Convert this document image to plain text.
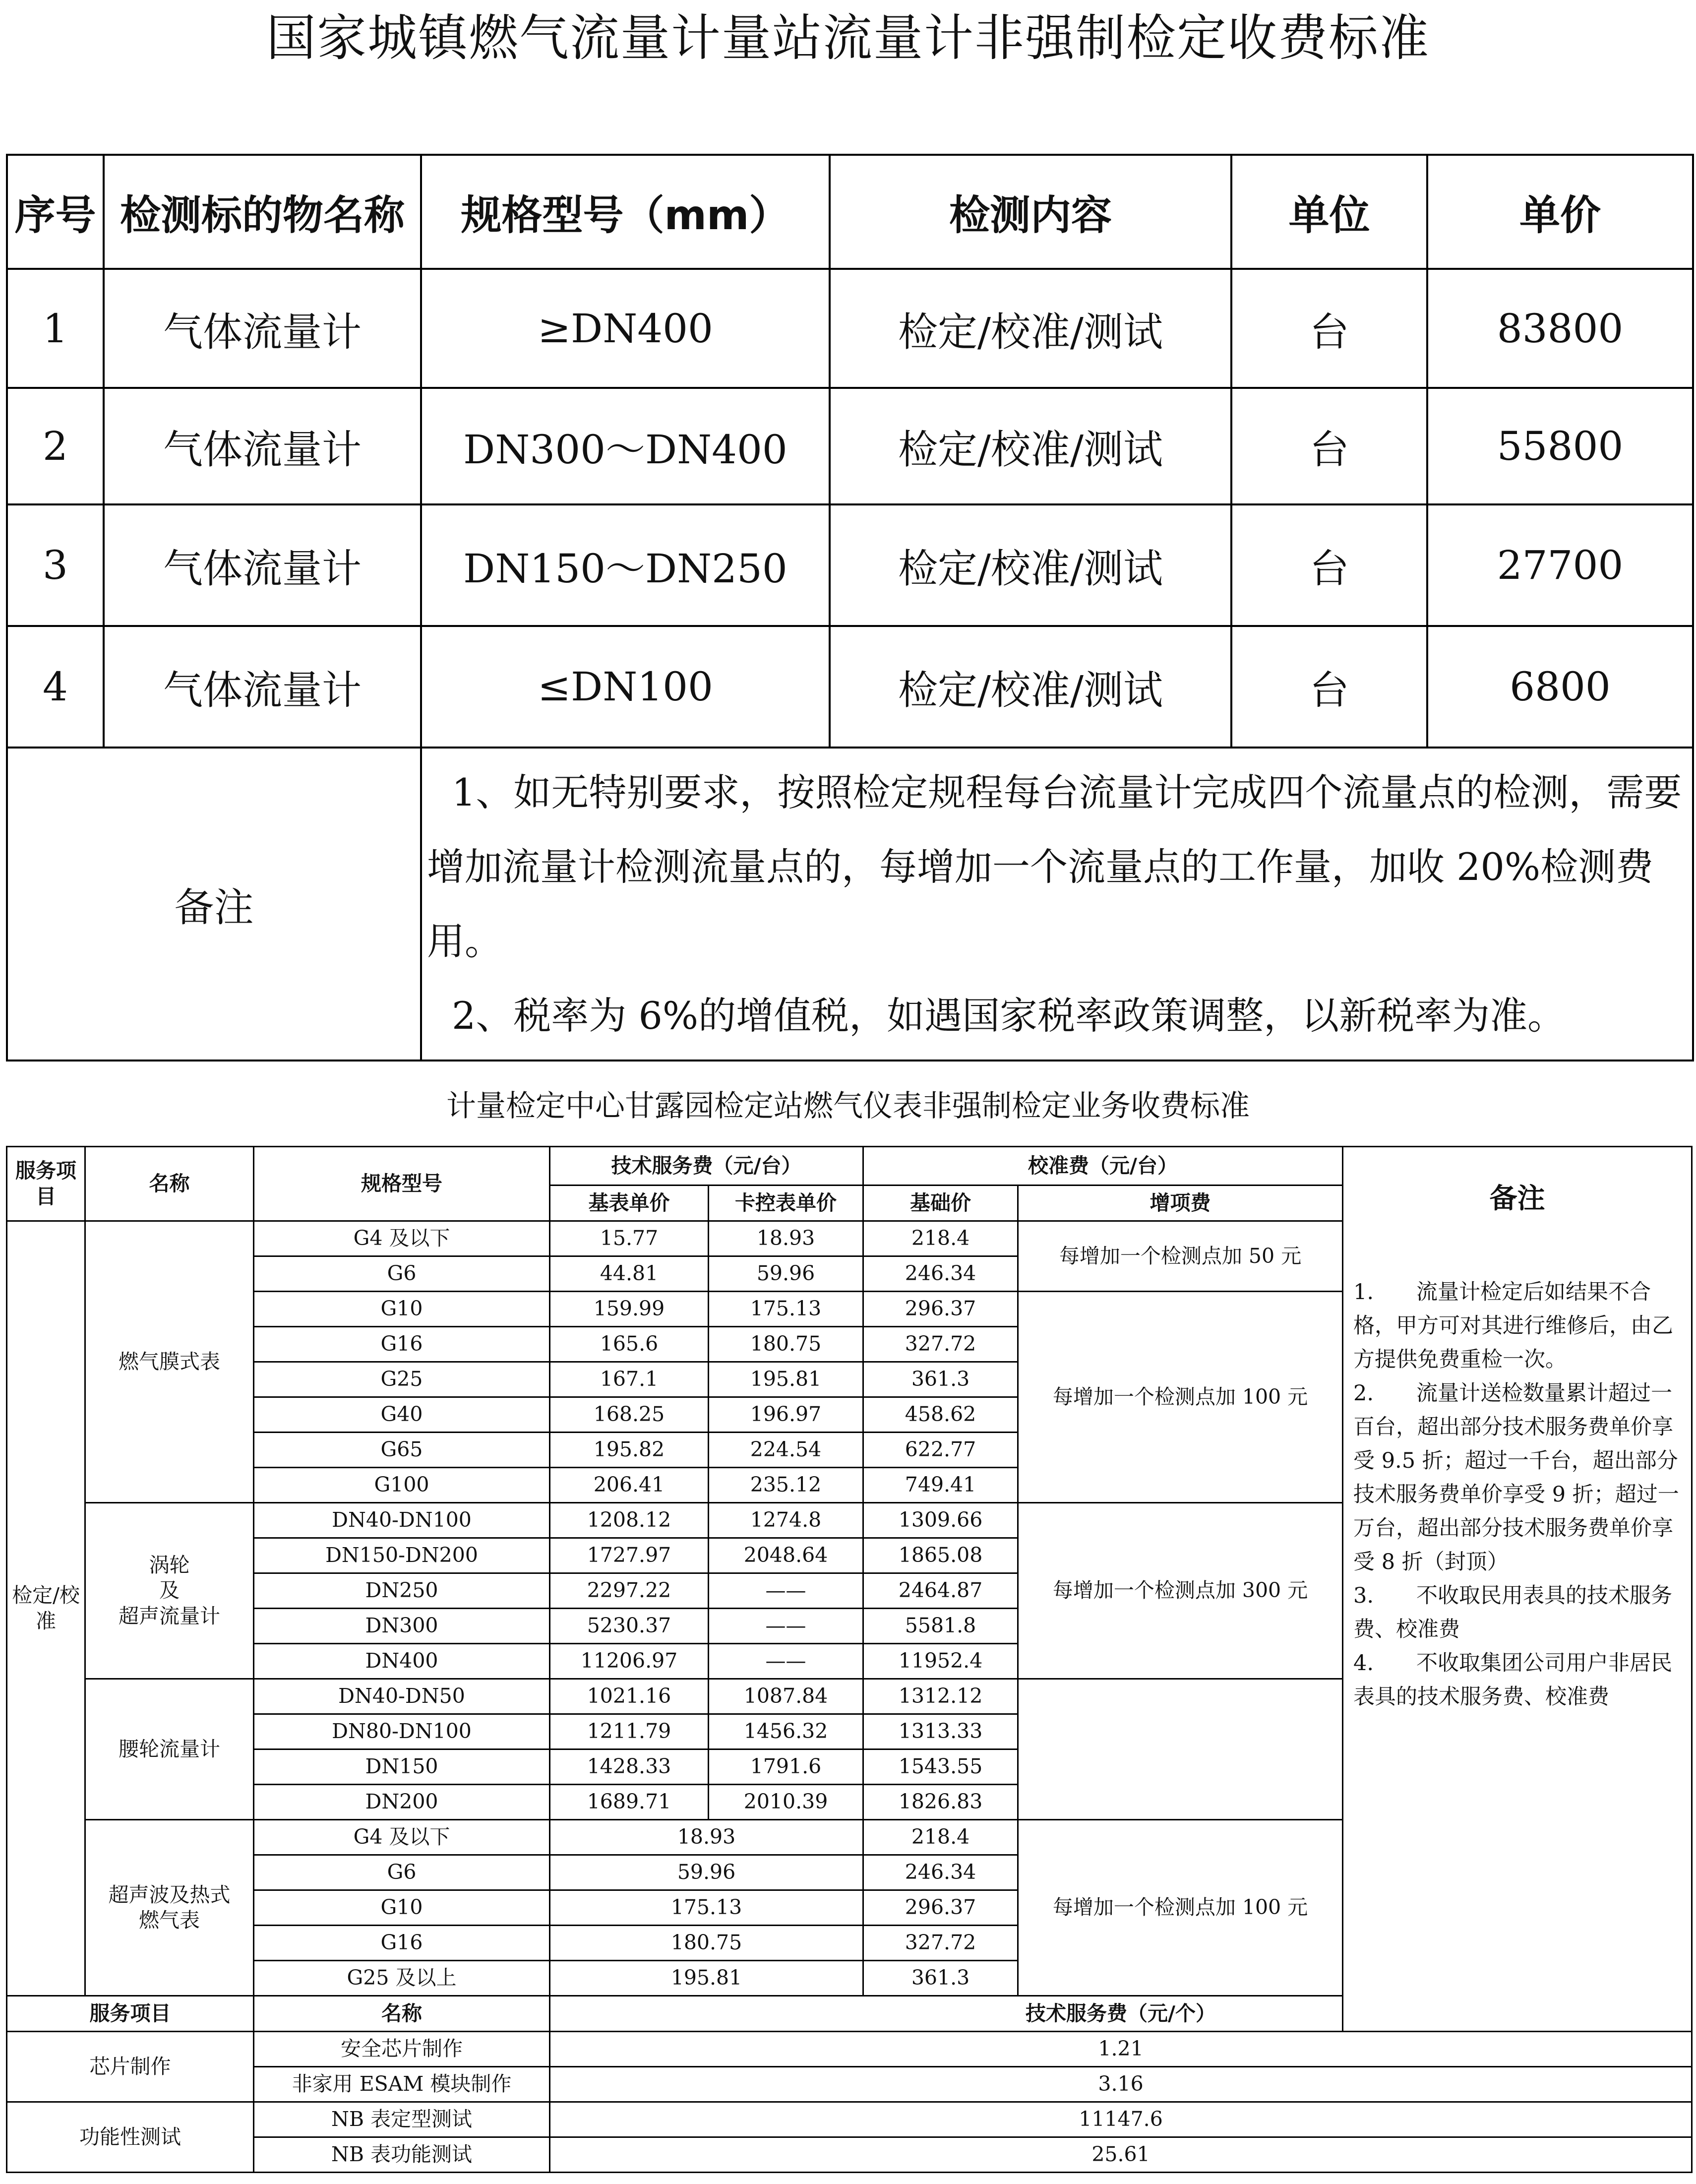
国家城镇燃气流量计量站流量计非强制检定收费标准
序号	检测标的物名称	规格型号（mm）	检测内容	单位	单价
1	气体流量计	≥DN400	检定/校准/测试	台	83800
2	气体流量计	DN300～DN400	检定/校准/测试	台	55800
3	气体流量计	DN150～DN250	检定/校准/测试	台	27700
4	气体流量计	≤DN100	检定/校准/测试	台	6800
备注		1、如无特别要求，按照检定规程每台流量计完成四个流量点的检测，需要增加流量计检测流量点的，每增加一个流量点的工作量，加收 20%检测费用。

2、税率为 6%的增值税，如遇国家税率政策调整，以新税率为准。			

计量检定中心甘露园检定站燃气仪表非强制检定业务收费标准
服务项目	名称	规格型号	技术服务费（元/台）		校准费（元/台）		备注

1.　　流量计检定后如结果不合格，甲方可对其进行维修后，由乙方提供免费重检一次。

2.　　流量计送检数量累计超过一百台，超出部分技术服务费单价享受 9.5 折；超过一千台，超出部分技术服务费单价享受 9 折；超过一万台，超出部分技术服务费单价享受 8 折（封顶）

3.　　不收取民用表具的技术服务费、校准费

4.　　不收取集团公司用户非居民表具的技术服务费、校准费

			基表单价	卡控表单价	基础价	增项费	
检定/校准	燃气膜式表	G4 及以下	15.77	18.93	218.4	每增加一个检测点加 50 元	
		G6	44.81	59.96	246.34		
		G10	159.99	175.13	296.37	每增加一个检测点加 100 元	
		G16	165.6	180.75	327.72		
		G25	167.1	195.81	361.3		
		G40	168.25	196.97	458.62		
		G65	195.82	224.54	622.77		
		G100	206.41	235.12	749.41		

	涡轮
及
超声流量计	DN40-DN100	1208.12	1274.8	1309.66	每增加一个检测点加 300 元	
		DN150-DN200	1727.97	2048.64	1865.08		
		DN250	2297.22	——	2464.87		
		DN300	5230.37	——	5581.8		
		DN400	11206.97	——	11952.4		
	腰轮流量计	DN40-DN50	1021.16	1087.84	1312.12		
		DN80-DN100	1211.79	1456.32	1313.33		
		DN150	1428.33	1791.6	1543.55		
		DN200	1689.71	2010.39	1826.83		

	超声波及热式
燃气表	G4 及以下	18.93		218.4	每增加一个检测点加 100 元	
		G6	59.96		246.34		
		G10	175.13		296.37		
		G16	180.75		327.72		
		G25 及以上	195.81		361.3		
服务项目		名称	技术服务费（元/个）				
芯片制作		安全芯片制作	1.21				
		非家用 ESAM 模块制作	3.16				
功能性测试		NB 表定型测试	11147.6				
		NB 表功能测试	25.61				
